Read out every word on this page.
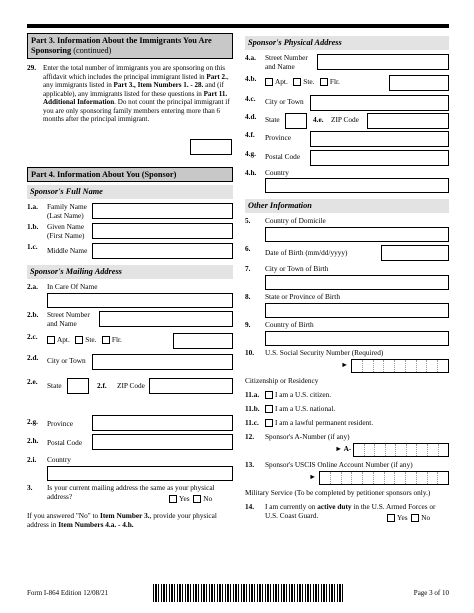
Part 3. Information About the Immigrants You Are Sponsoring (continued)
29. Enter the total number of immigrants you are sponsoring on this affidavit which includes the principal immigrant listed in Part 2., any immigrants listed in Part 3., Item Numbers 1. - 28. and (if applicable), any immigrants listed for these questions in Part 11. Additional Information. Do not count the principal immigrant if you are only sponsoring family members entering more than 6 months after the principal immigrant.
Part 4. Information About You (Sponsor)
Sponsor's Full Name
1.a. Family Name (Last Name)
1.b. Given Name (First Name)
1.c. Middle Name
Sponsor's Mailing Address
2.a. In Care Of Name
2.b. Street Number and Name
2.c.	Apt. Ste. Flr.
2.d. City or Town
2.e. State	2.f. ZIP Code
2.g. Province
2.h. Postal Code
2.i. Country
3. Is your current mailing address the same as your physical address?	Yes No
If you answered "No" to Item Number 3., provide your physical address in Item Numbers 4.a. - 4.h.
Sponsor's Physical Address
4.a. Street Number and Name
4.b.	Apt. Ste. Flr.
4.c. City or Town
4.d. State	4.e. ZIP Code
4.f. Province
4.g. Postal Code
4.h. Country
Other Information
5. Country of Domicile
6. Date of Birth (mm/dd/yyyy)
7. City or Town of Birth
8. State or Province of Birth
9. Country of Birth
10. U.S. Social Security Number (Required)
►
Citizenship or Residency
11.a.	I am a U.S. citizen.
11.b.	I am a U.S. national.
11.c.	I am a lawful permanent resident.
12. Sponsor's A-Number (if any)
► A-
13. Sponsor's USCIS Online Account Number (if any)
►
Military Service (To be completed by petitioner sponsors only.)
14. I am currently on active duty in the U.S. Armed Forces or U.S. Coast Guard.	Yes No
Form I-864 Edition 12/08/21	Page 3 of 10
